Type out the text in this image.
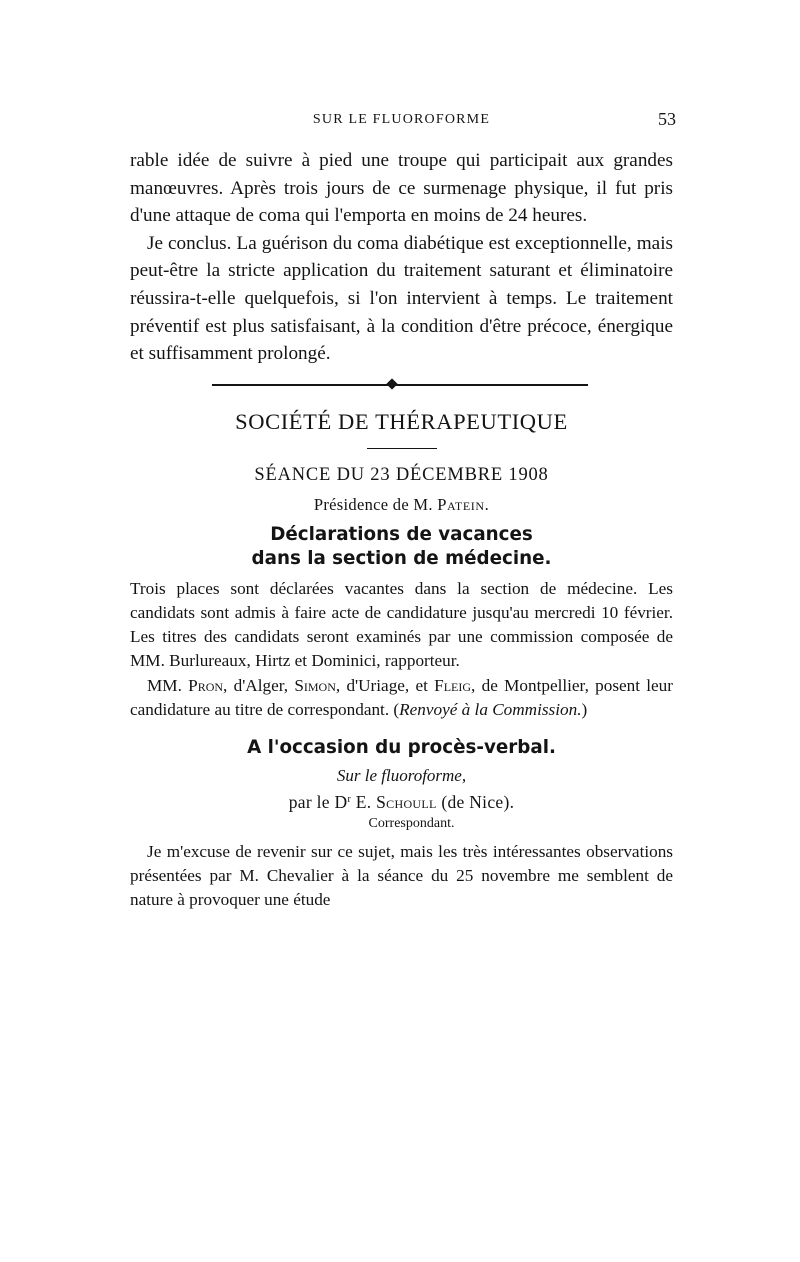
SUR LE FLUOROFORME	53

rable idée de suivre à pied une troupe qui participait aux grandes manœuvres. Après trois jours de ce surmenage physique, il fut pris d'une attaque de coma qui l'emporta en moins de 24 heures.

Je conclus. La guérison du coma diabétique est exceptionnelle, mais peut-être la stricte application du traitement saturant et éliminatoire réussira-t-elle quelquefois, si l'on intervient à temps. Le traitement préventif est plus satisfaisant, à la condition d'être précoce, énergique et suffisamment prolongé.

SOCIÉTÉ DE THÉRAPEUTIQUE
SÉANCE DU 23 DÉCEMBRE 1908
Présidence de M. Patein.
Déclarations de vacances
dans la section de médecine.

Trois places sont déclarées vacantes dans la section de médecine. Les candidats sont admis à faire acte de candidature jusqu'au mercredi 10 février. Les titres des candidats seront examinés par une commission composée de MM. Burlureaux, Hirtz et Dominici, rapporteur.

MM. Pron, d'Alger, Simon, d'Uriage, et Fleig, de Montpellier, posent leur candidature au titre de correspondant. (Renvoyé à la Commission.)

A l'occasion du procès-verbal.
Sur le fluoroforme,
par le $D^r$ E. Schoull (de Nice).
Correspondant.

Je m'excuse de revenir sur ce sujet, mais les très intéressantes observations présentées par M. Chevalier à la séance du 25 novembre me semblent de nature à provoquer une étude
